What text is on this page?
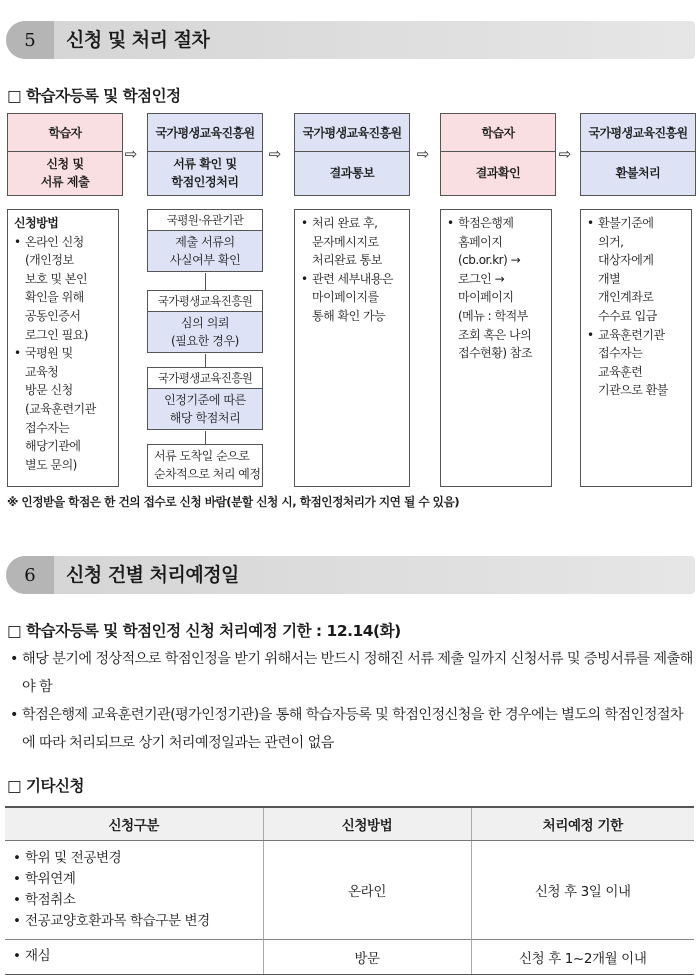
5	신청 및 처리 절차
□ 학습자등록 및 학점인정
학습자
신청 및
서류 제출
⇨
국가평생교육진흥원
서류 확인 및
학점인정처리
⇨
국가평생교육진흥원
결과통보
⇨
학습자
결과확인
⇨
국가평생교육진흥원
환불처리
신청방법
• 온라인 신청
(개인정보
보호 및 본인
확인을 위해
공동인증서
로그인 필요)
• 국평원 및
교육청
방문 신청
(교육훈련기관
접수자는
해당기관에
별도 문의)
국평원·유관기관
제출 서류의
사실여부 확인
국가평생교육진흥원
심의 의뢰
(필요한 경우)
국가평생교육진흥원
인정기준에 따른
해당 학점처리
서류 도착일 순으로
순차적으로 처리 예정
• 처리 완료 후,
문자메시지로
처리완료 통보
• 관련 세부내용은
마이페이지를
통해 확인 가능
• 학점은행제
홈페이지
(cb.or.kr) →
로그인 →
마이페이지
(메뉴 : 학적부
조회 혹은 나의
접수현황) 참조
• 환불기준에
의거,
대상자에게
개별
개인계좌로
수수료 입금
• 교육훈련기관
접수자는
교육훈련
기관으로 환불
※ 인정받을 학점은 한 건의 접수로 신청 바람(분할 신청 시, 학점인정처리가 지연 될 수 있음)
6	신청 건별 처리예정일
□ 학습자등록 및 학점인정 신청 처리예정 기한 : 12.14(화)
• 해당 분기에 정상적으로 학점인정을 받기 위해서는 반드시 정해진 서류 제출 일까지 신청서류 및 증빙서류를 제출해야 함
• 학점은행제 교육훈련기관(평가인정기관)을 통해 학습자등록 및 학점인정신청을 한 경우에는 별도의 학점인정절차에 따라 처리되므로 상기 처리예정일과는 관련이 없음
□ 기타신청
신청구분	신청방법	처리예정 기한

• 학위 및 전공변경
• 학위연계
• 학점취소
• 전공교양호환과목 학습구분 변경	온라인	신청 후 3일 이내

• 재심	방문	신청 후 1~2개월 이내
